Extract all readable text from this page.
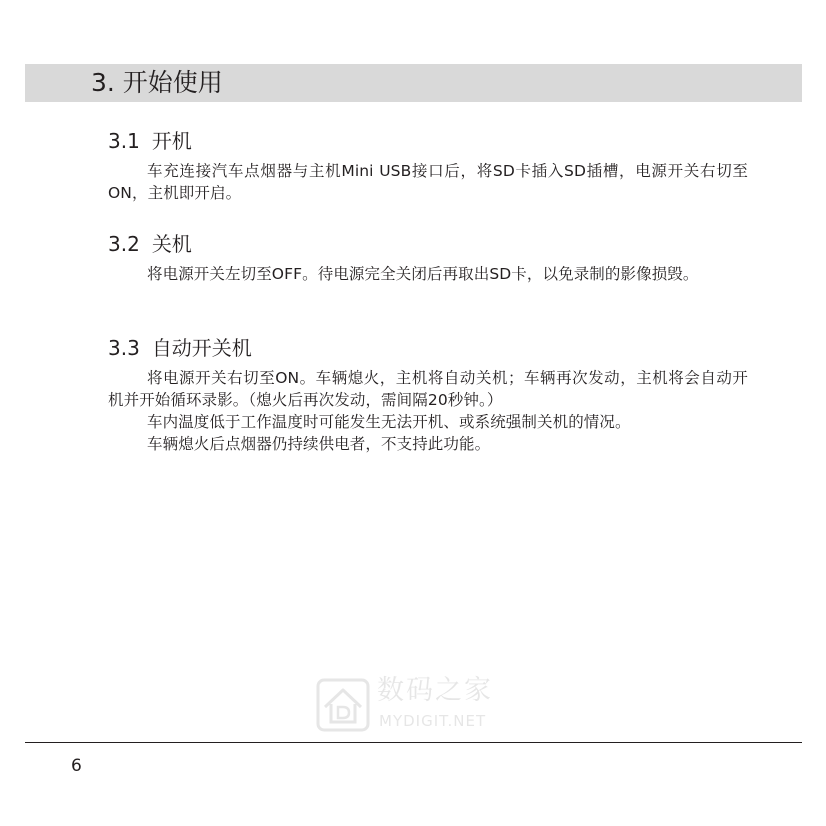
3. 开始使用
3.1 开机

车充连接汽车点烟器与主机Mini USB接口后，将SD卡插入SD插槽，电源开关右切至ON，主机即开启。

3.2 关机

将电源开关左切至OFF。待电源完全关闭后再取出SD卡，以免录制的影像损毁。

3.3 自动开关机

将电源开关右切至ON。车辆熄火，主机将自动关机；车辆再次发动，主机将会自动开机并开始循环录影。（熄火后再次发动，需间隔20秒钟。）

车内温度低于工作温度时可能发生无法开机、或系统强制关机的情况。

车辆熄火后点烟器仍持续供电者，不支持此功能。

数码之家
MYDIGIT.NET
6
